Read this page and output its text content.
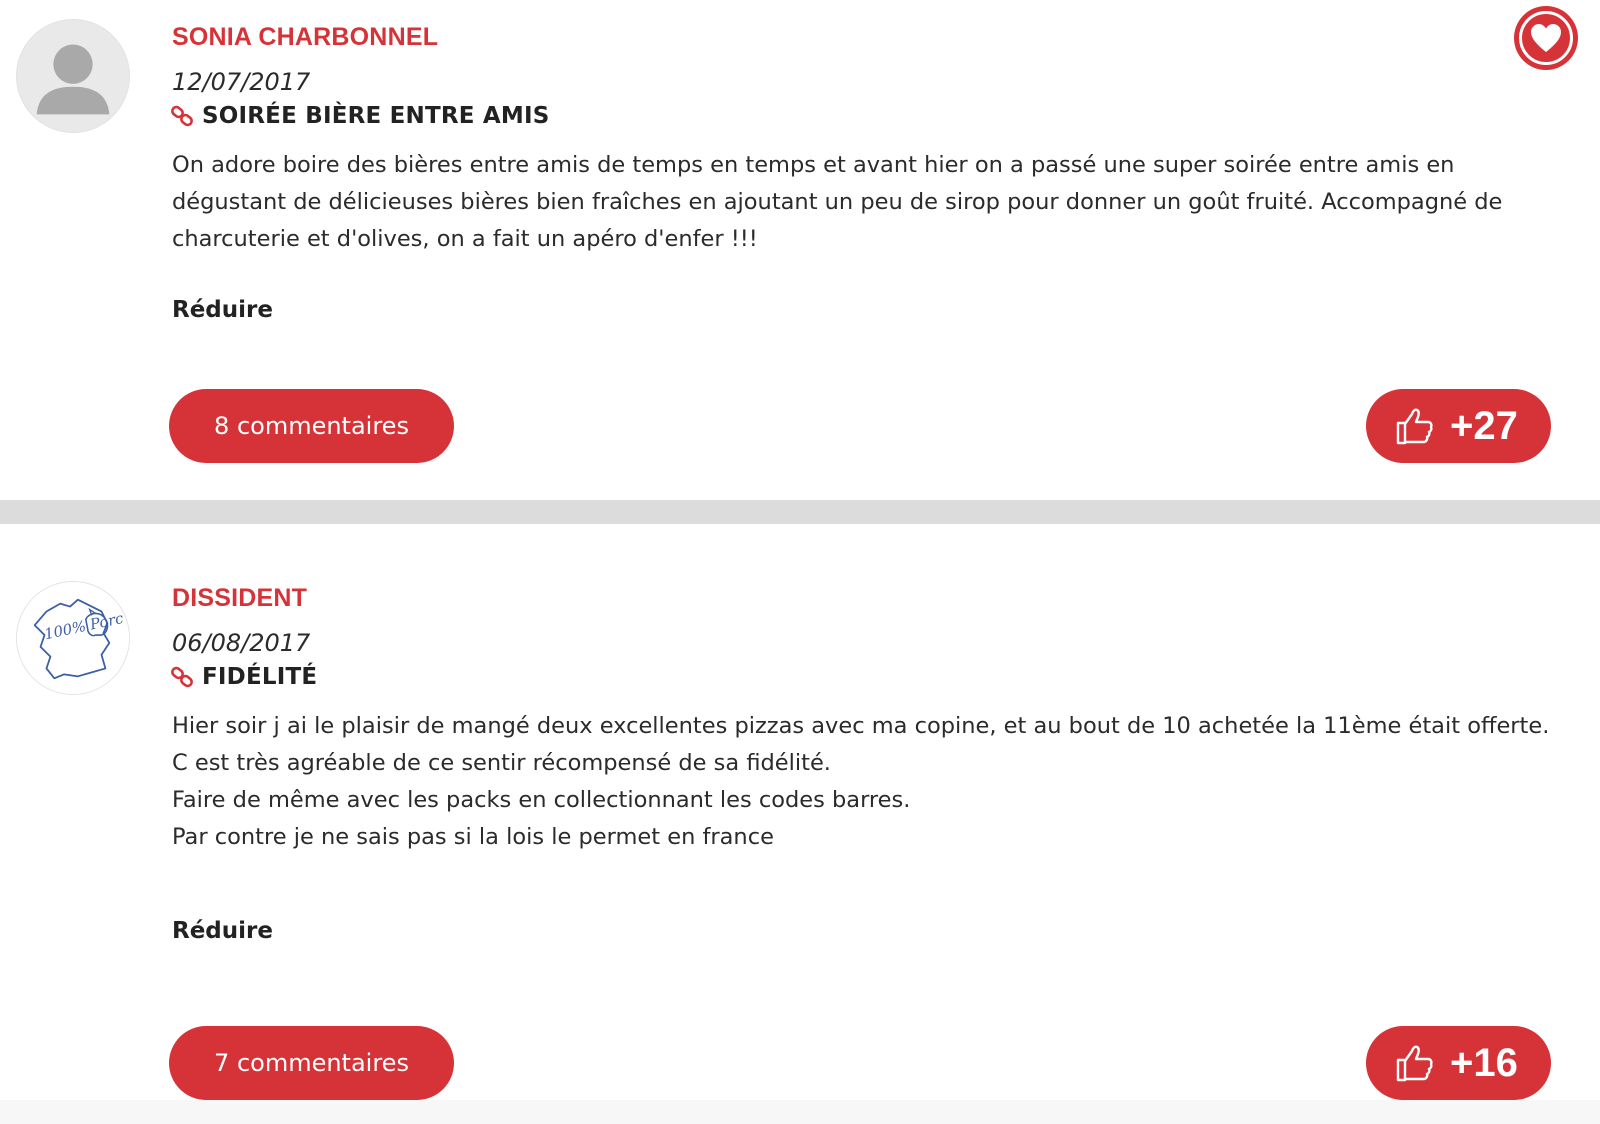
SONIA CHARBONNEL
12/07/2017
SOIRÉE BIÈRE ENTRE AMIS
On adore boire des bières entre amis de temps en temps et avant hier on a passé une super soirée entre amis en dégustant de délicieuses bières bien fraîches en ajoutant un peu de sirop pour donner un goût fruité. Accompagné de charcuterie et d'olives, on a fait un apéro d'enfer !!!
Réduire
8 commentaires	+27
100% Porc
DISSIDENT
06/08/2017
FIDÉLITÉ
Hier soir j ai le plaisir de mangé deux excellentes pizzas avec ma copine, et au bout de 10 achetée la 11ème était offerte.
C est très agréable de ce sentir récompensé de sa fidélité.
Faire de même avec les packs en collectionnant les codes barres.
Par contre je ne sais pas si la lois le permet en france
Réduire
7 commentaires	+16
